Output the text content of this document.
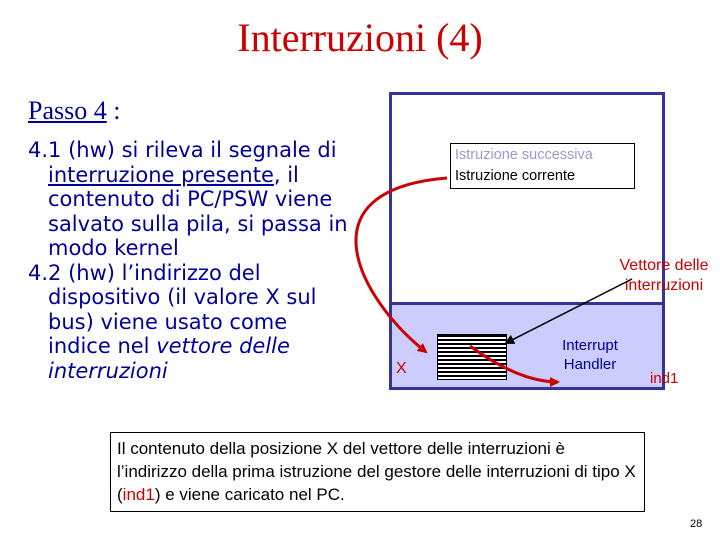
Interruzioni (4)
Passo 4 :

4.1 (hw) si rileva il segnale di interruzione presente, il contenuto di PC/PSW viene salvato sulla pila, si passa in modo kernel

4.2 (hw) l’indirizzo del dispositivo (il valore X sul bus) viene usato come indice nel vettore delle interruzioni

Istruzione successiva
Istruzione corrente
Interrupt Handler
X
ind1
Vettore delle interruzioni
Il contenuto della posizione X del vettore delle interruzioni è l’indirizzo della prima istruzione del gestore delle interruzioni di tipo X (ind1) e viene caricato nel PC.
28
